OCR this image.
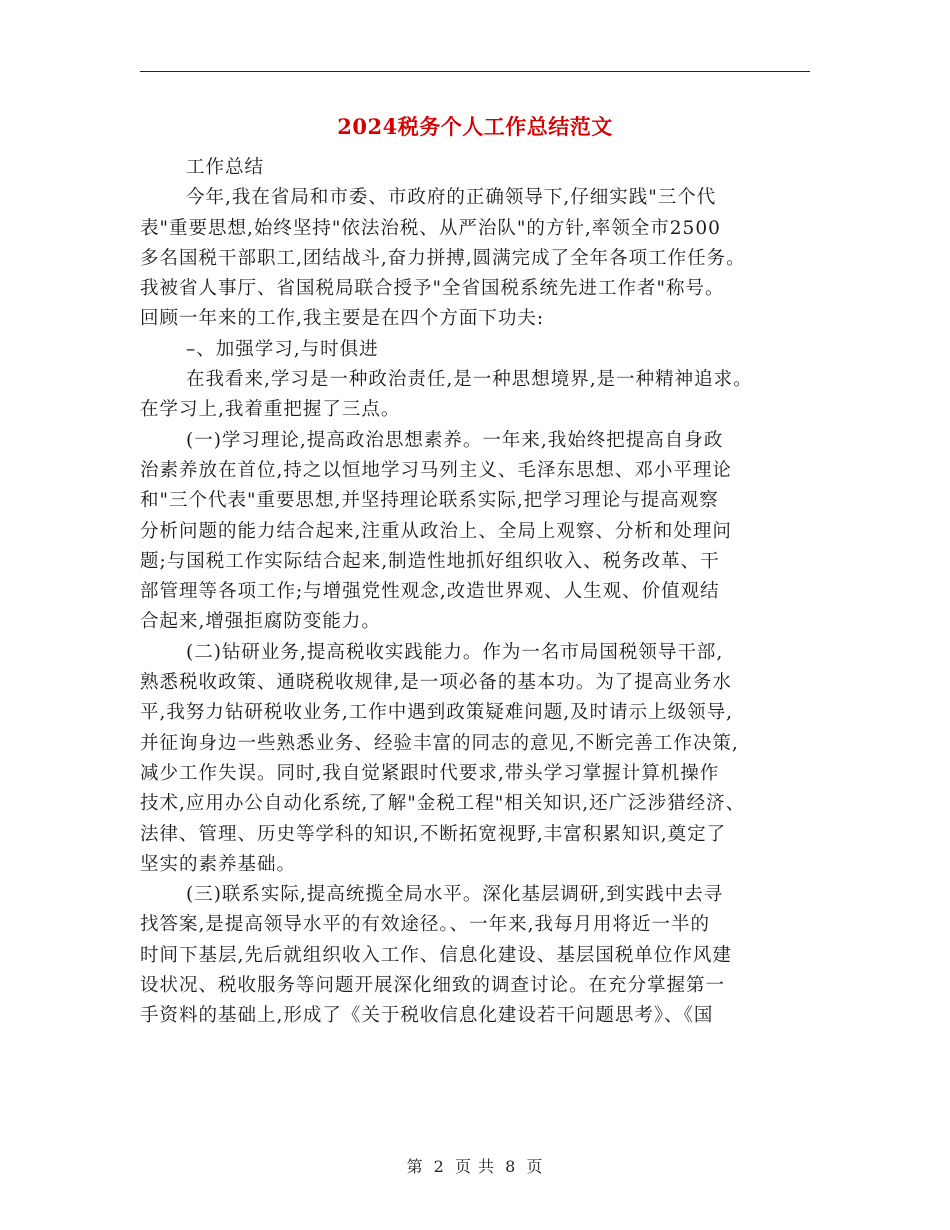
2024税务个人工作总结范文
工作总结
今年,我在省局和市委、市政府的正确领导下,仔细实践"三个代
表"重要思想,始终坚持"依法治税、从严治队"的方针,率领全市2500
多名国税干部职工,团结战斗,奋力拼搏,圆满完成了全年各项工作任务。
我被省人事厅、省国税局联合授予"全省国税系统先进工作者"称号。
回顾一年来的工作,我主要是在四个方面下功夫:
–、加强学习,与时俱进
在我看来,学习是一种政治责任,是一种思想境界,是一种精神追求。
在学习上,我着重把握了三点。
(一)学习理论,提高政治思想素养。一年来,我始终把提高自身政
治素养放在首位,持之以恒地学习马列主义、毛泽东思想、邓小平理论
和"三个代表"重要思想,并坚持理论联系实际,把学习理论与提高观察
分析问题的能力结合起来,注重从政治上、全局上观察、分析和处理问
题;与国税工作实际结合起来,制造性地抓好组织收入、税务改革、干
部管理等各项工作;与增强党性观念,改造世界观、人生观、价值观结
合起来,增强拒腐防变能力。
(二)钻研业务,提高税收实践能力。作为一名市局国税领导干部,
熟悉税收政策、通晓税收规律,是一项必备的基本功。为了提高业务水
平,我努力钻研税收业务,工作中遇到政策疑难问题,及时请示上级领导,
并征询身边一些熟悉业务、经验丰富的同志的意见,不断完善工作决策,
减少工作失误。同时,我自觉紧跟时代要求,带头学习掌握计算机操作
技术,应用办公自动化系统,了解"金税工程"相关知识,还广泛涉猎经济、
法律、管理、历史等学科的知识,不断拓宽视野,丰富积累知识,奠定了
坚实的素养基础。
(三)联系实际,提高统揽全局水平。深化基层调研,到实践中去寻
找答案,是提高领导水平的有效途径。、一年来,我每月用将近一半的
时间下基层,先后就组织收入工作、信息化建设、基层国税单位作风建
设状况、税收服务等问题开展深化细致的调查讨论。在充分掌握第一
手资料的基础上,形成了《关于税收信息化建设若干问题思考》、《国
第 2 页 共 8 页
